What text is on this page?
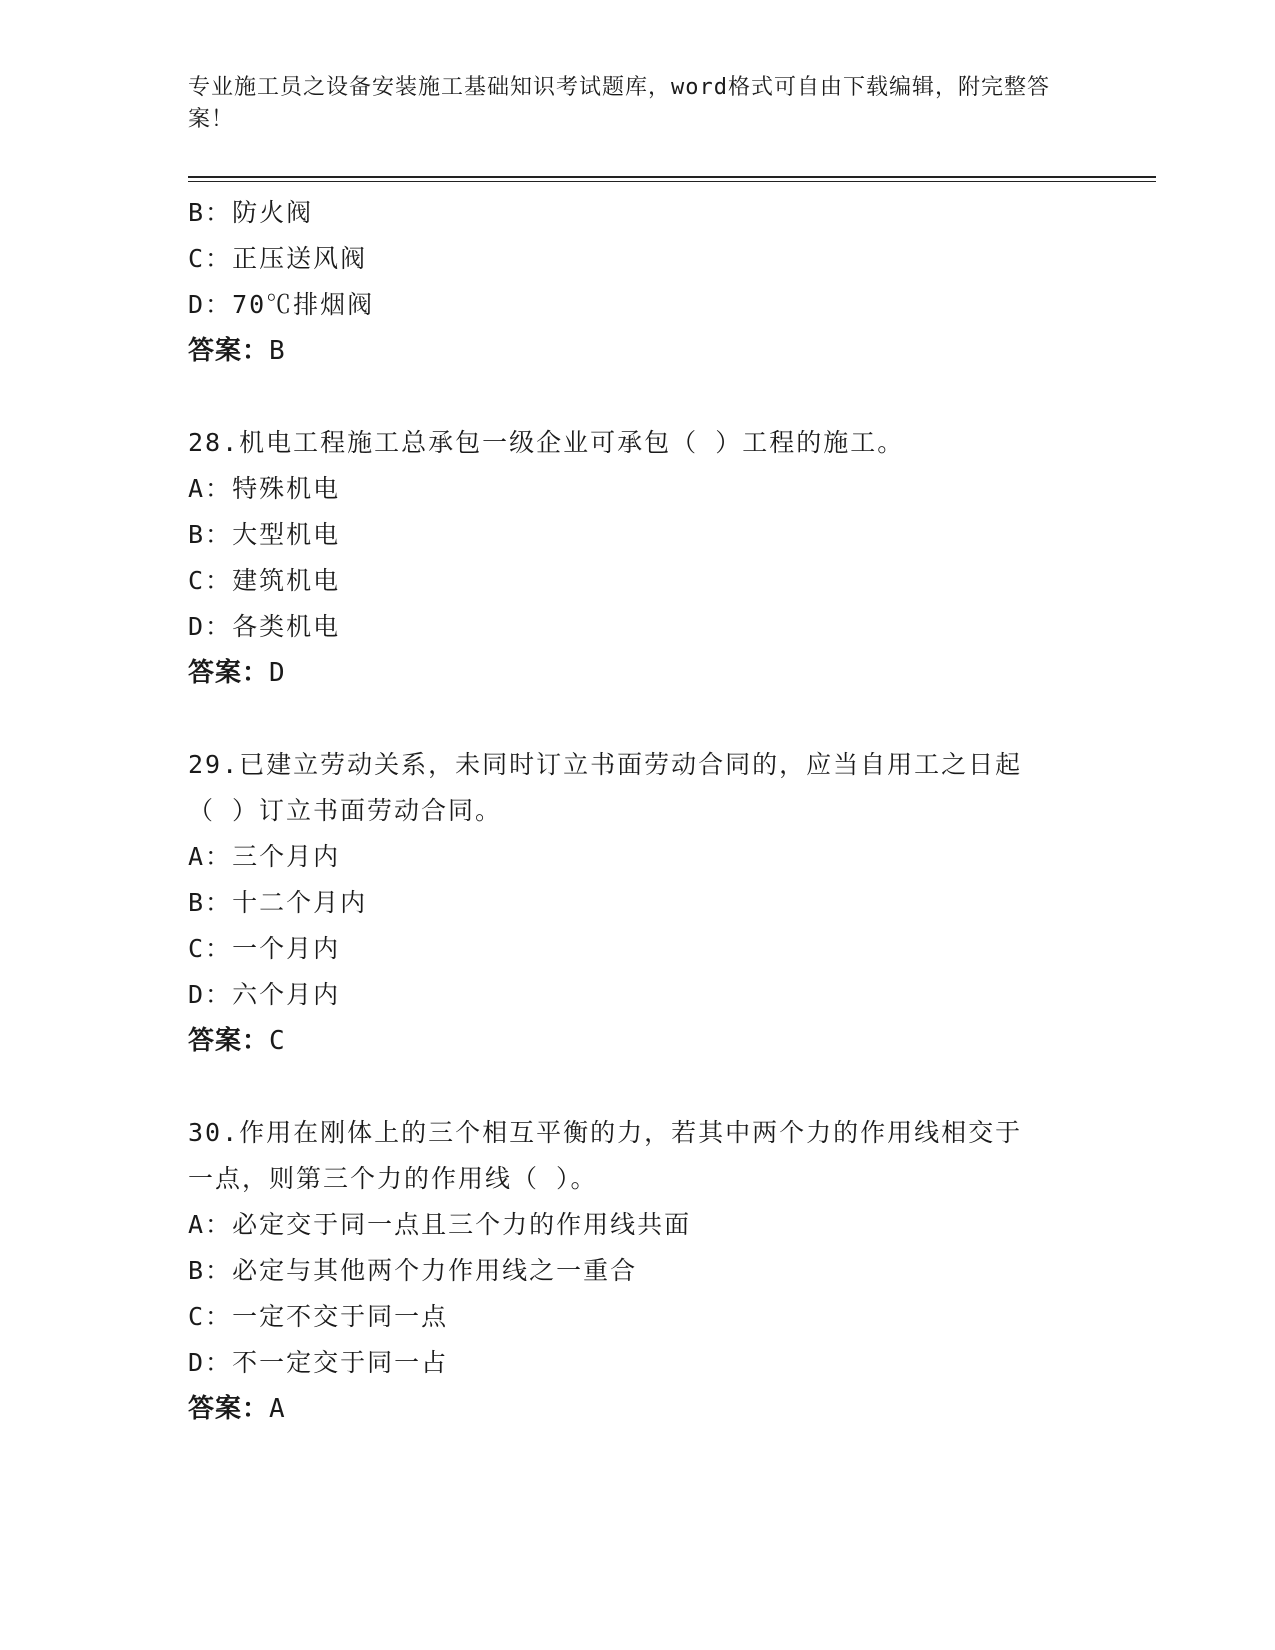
专业施工员之设备安装施工基础知识考试题库，word格式可自由下载编辑，附完整答案！
B：防火阀
C：正压送风阀
D：70℃排烟阀
答案：B
28.机电工程施工总承包一级企业可承包（ ）工程的施工。
A：特殊机电
B：大型机电
C：建筑机电
D：各类机电
答案：D
29.已建立劳动关系，未同时订立书面劳动合同的，应当自用工之日起
（ ）订立书面劳动合同。
A：三个月内
B：十二个月内
C：一个月内
D：六个月内
答案：C
30.作用在刚体上的三个相互平衡的力，若其中两个力的作用线相交于
一点，则第三个力的作用线（ ）。
A：必定交于同一点且三个力的作用线共面
B：必定与其他两个力作用线之一重合
C：一定不交于同一点
D：不一定交于同一占
答案：A
